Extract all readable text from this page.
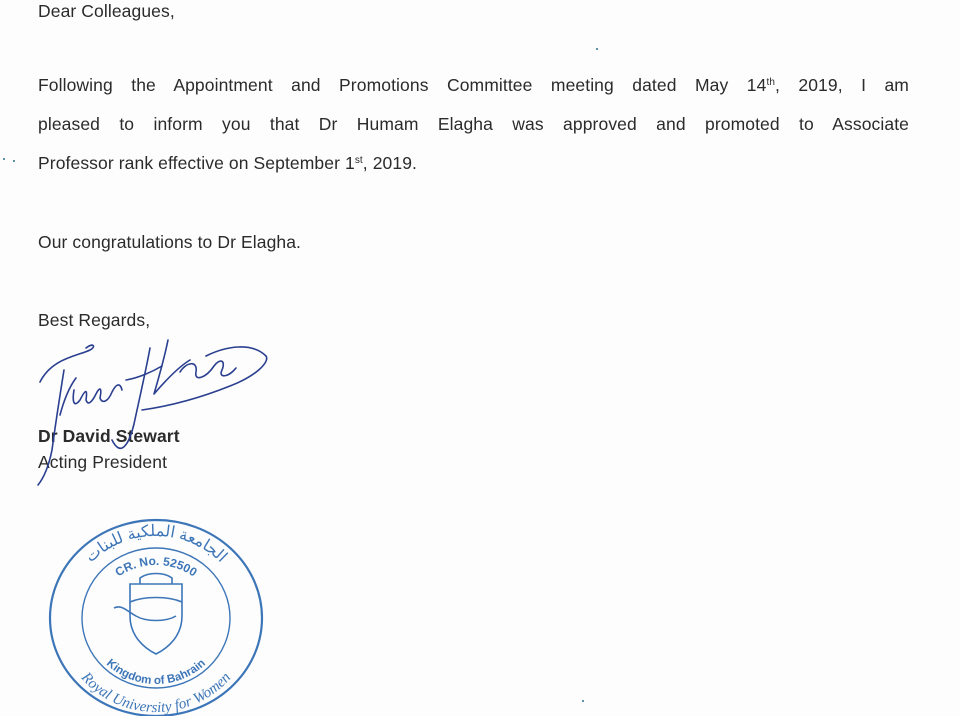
Dear Colleagues,
Following the Appointment and Promotions Committee meeting dated May 14th, 2019, I am
pleased to inform you that Dr Humam Elagha was approved and promoted to Associate
Professor rank effective on September 1st, 2019.
Our congratulations to Dr Elagha.
Best Regards,
Dr David Stewart
Acting President
الجامعة الملكية للبنات
CR. No. 52500
Kingdom of Bahrain
Royal University for Women
